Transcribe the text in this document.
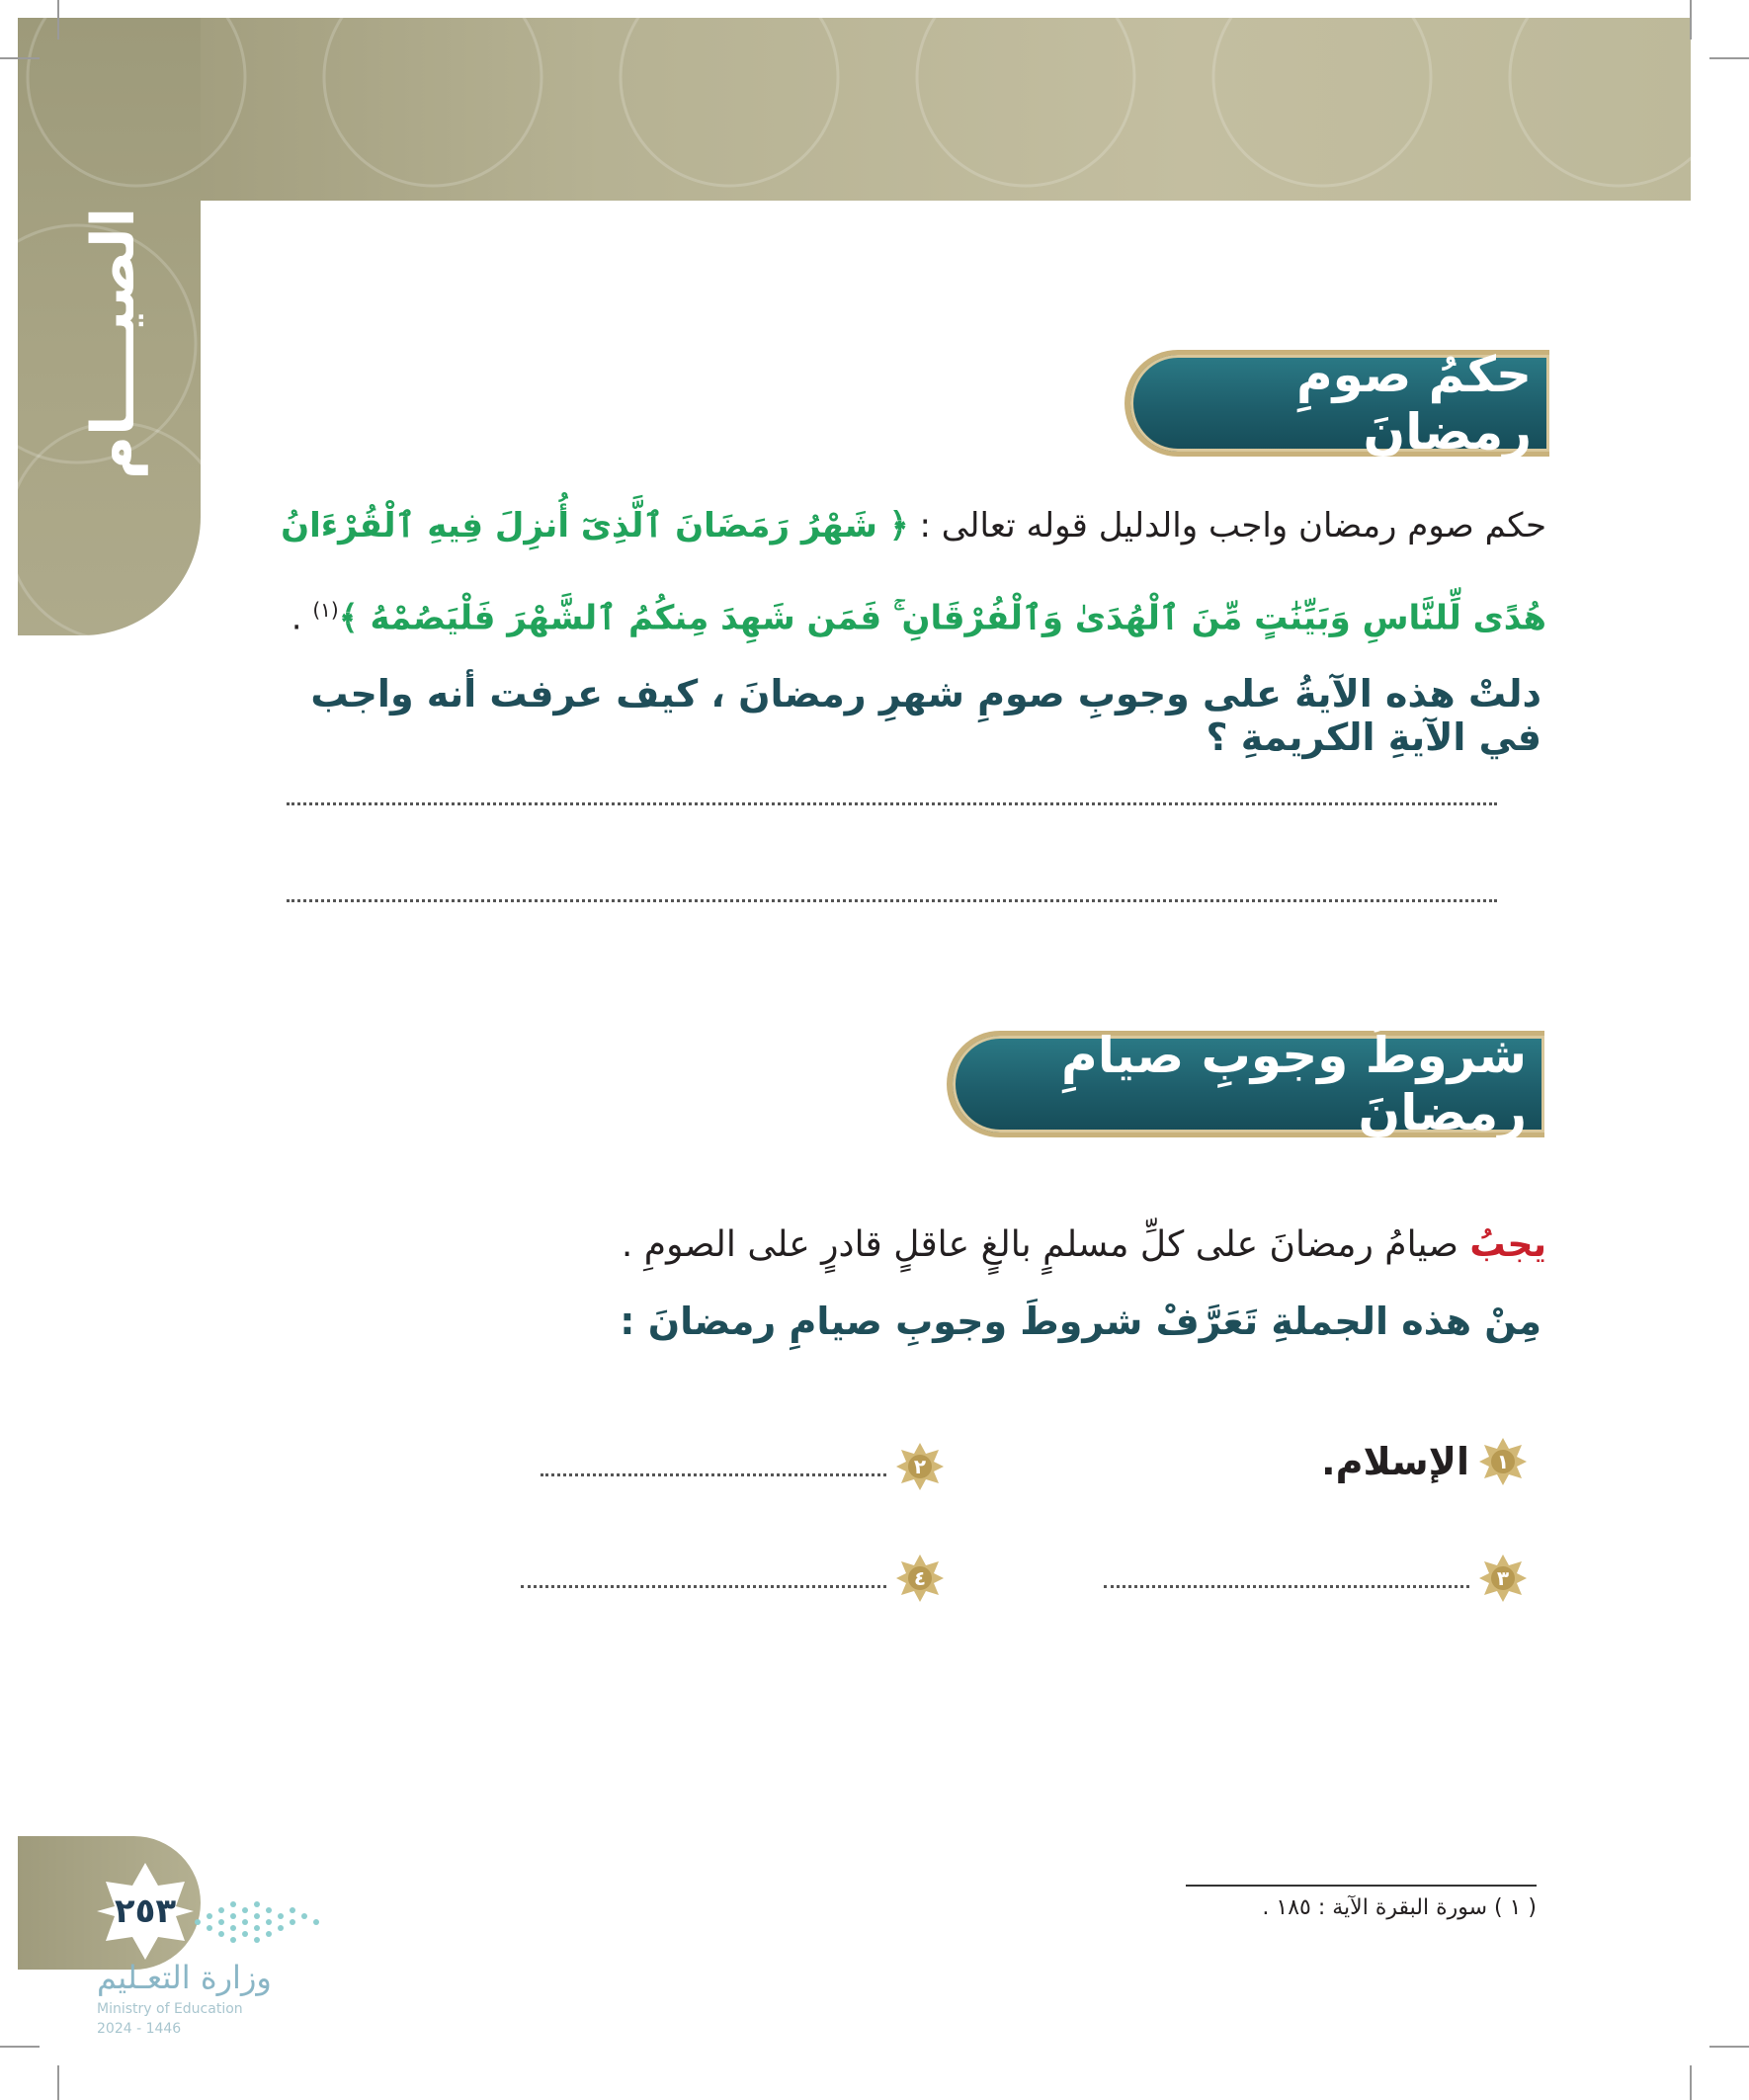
الصيــــام	حكمُ صومِ رمضانَ
حكم صوم رمضان واجب والدليل قوله تعالى : ﴿ شَهْرُ رَمَضَانَ ٱلَّذِىٓ أُنزِلَ فِيهِ ٱلْقُرْءَانُ
هُدًى لِّلنَّاسِ وَبَيِّنَٰتٍ مِّنَ ٱلْهُدَىٰ وَٱلْفُرْقَانِ ۚ فَمَن شَهِدَ مِنكُمُ ٱلشَّهْرَ فَلْيَصُمْهُ ﴾$^{(١)}$ .
دلتْ هذه الآيةُ على وجوبِ صومِ شهرِ رمضانَ ، كيف عرفت أنه واجب في الآيةِ الكريمةِ ؟
شروطُ وجوبِ صيامِ رمضانَ
يجبُ صيامُ رمضانَ على كلِّ مسلمٍ بالغٍ عاقلٍ قادرٍ على الصومِ .
مِنْ هذه الجملةِ تَعَرَّفْ شروطَ وجوبِ صيامِ رمضانَ :
١
الإسلام.
٢
٣
٤
( ١ ) سورة البقرة الآية : ١٨٥ .
٢٥٣
وزارة التعـليم
Ministry of Education
2024 - 1446
